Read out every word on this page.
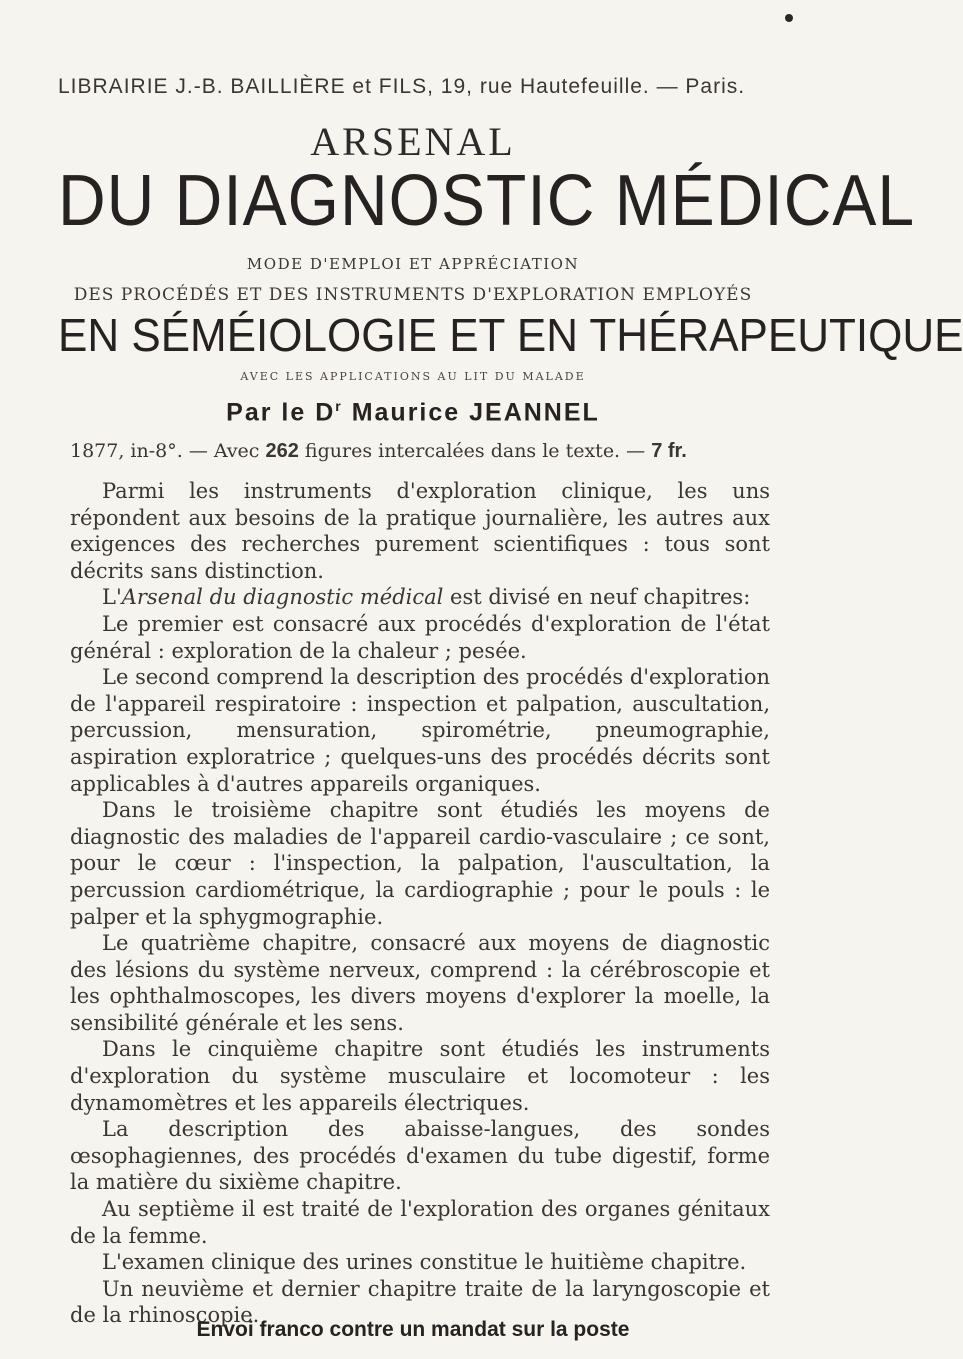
LIBRAIRIE J.-B. BAILLIÈRE et FILS, 19, rue Hautefeuille. — Paris.
ARSENAL
DU DIAGNOSTIC MÉDICAL
MODE D'EMPLOI ET APPRÉCIATION
DES PROCÉDÉS ET DES INSTRUMENTS D'EXPLORATION EMPLOYÉS
EN SÉMÉIOLOGIE ET EN THÉRAPEUTIQUE
AVEC LES APPLICATIONS AU LIT DU MALADE
Par le $D^r$ Maurice JEANNEL
1877, in-8°. — Avec 262 figures intercalées dans le texte. — 7 fr.

Parmi les instruments d'exploration clinique, les uns répondent aux besoins de la pratique journalière, les autres aux exigences des recherches purement scientifiques : tous sont décrits sans distinction.

L'Arsenal du diagnostic médical est divisé en neuf chapitres:

Le premier est consacré aux procédés d'exploration de l'état général : exploration de la chaleur ; pesée.

Le second comprend la description des procédés d'exploration de l'appareil respiratoire : inspection et palpation, auscultation, percussion, mensuration, spirométrie, pneumographie, aspiration exploratrice ; quelques-uns des procédés décrits sont applicables à d'autres appareils organiques.

Dans le troisième chapitre sont étudiés les moyens de diagnostic des maladies de l'appareil cardio-vasculaire ; ce sont, pour le cœur : l'inspection, la palpation, l'auscultation, la percussion cardiométrique, la cardiographie ; pour le pouls : le palper et la sphygmographie.

Le quatrième chapitre, consacré aux moyens de diagnostic des lésions du système nerveux, comprend : la cérébroscopie et les ophthalmoscopes, les divers moyens d'explorer la moelle, la sensibilité générale et les sens.

Dans le cinquième chapitre sont étudiés les instruments d'exploration du système musculaire et locomoteur : les dynamomètres et les appareils électriques.

La description des abaisse-langues, des sondes œsophagiennes, des procédés d'examen du tube digestif, forme la matière du sixième chapitre.

Au septième il est traité de l'exploration des organes génitaux de la femme.

L'examen clinique des urines constitue le huitième chapitre.

Un neuvième et dernier chapitre traite de la laryngoscopie et de la rhinoscopie.

Envoi franco contre un mandat sur la poste
